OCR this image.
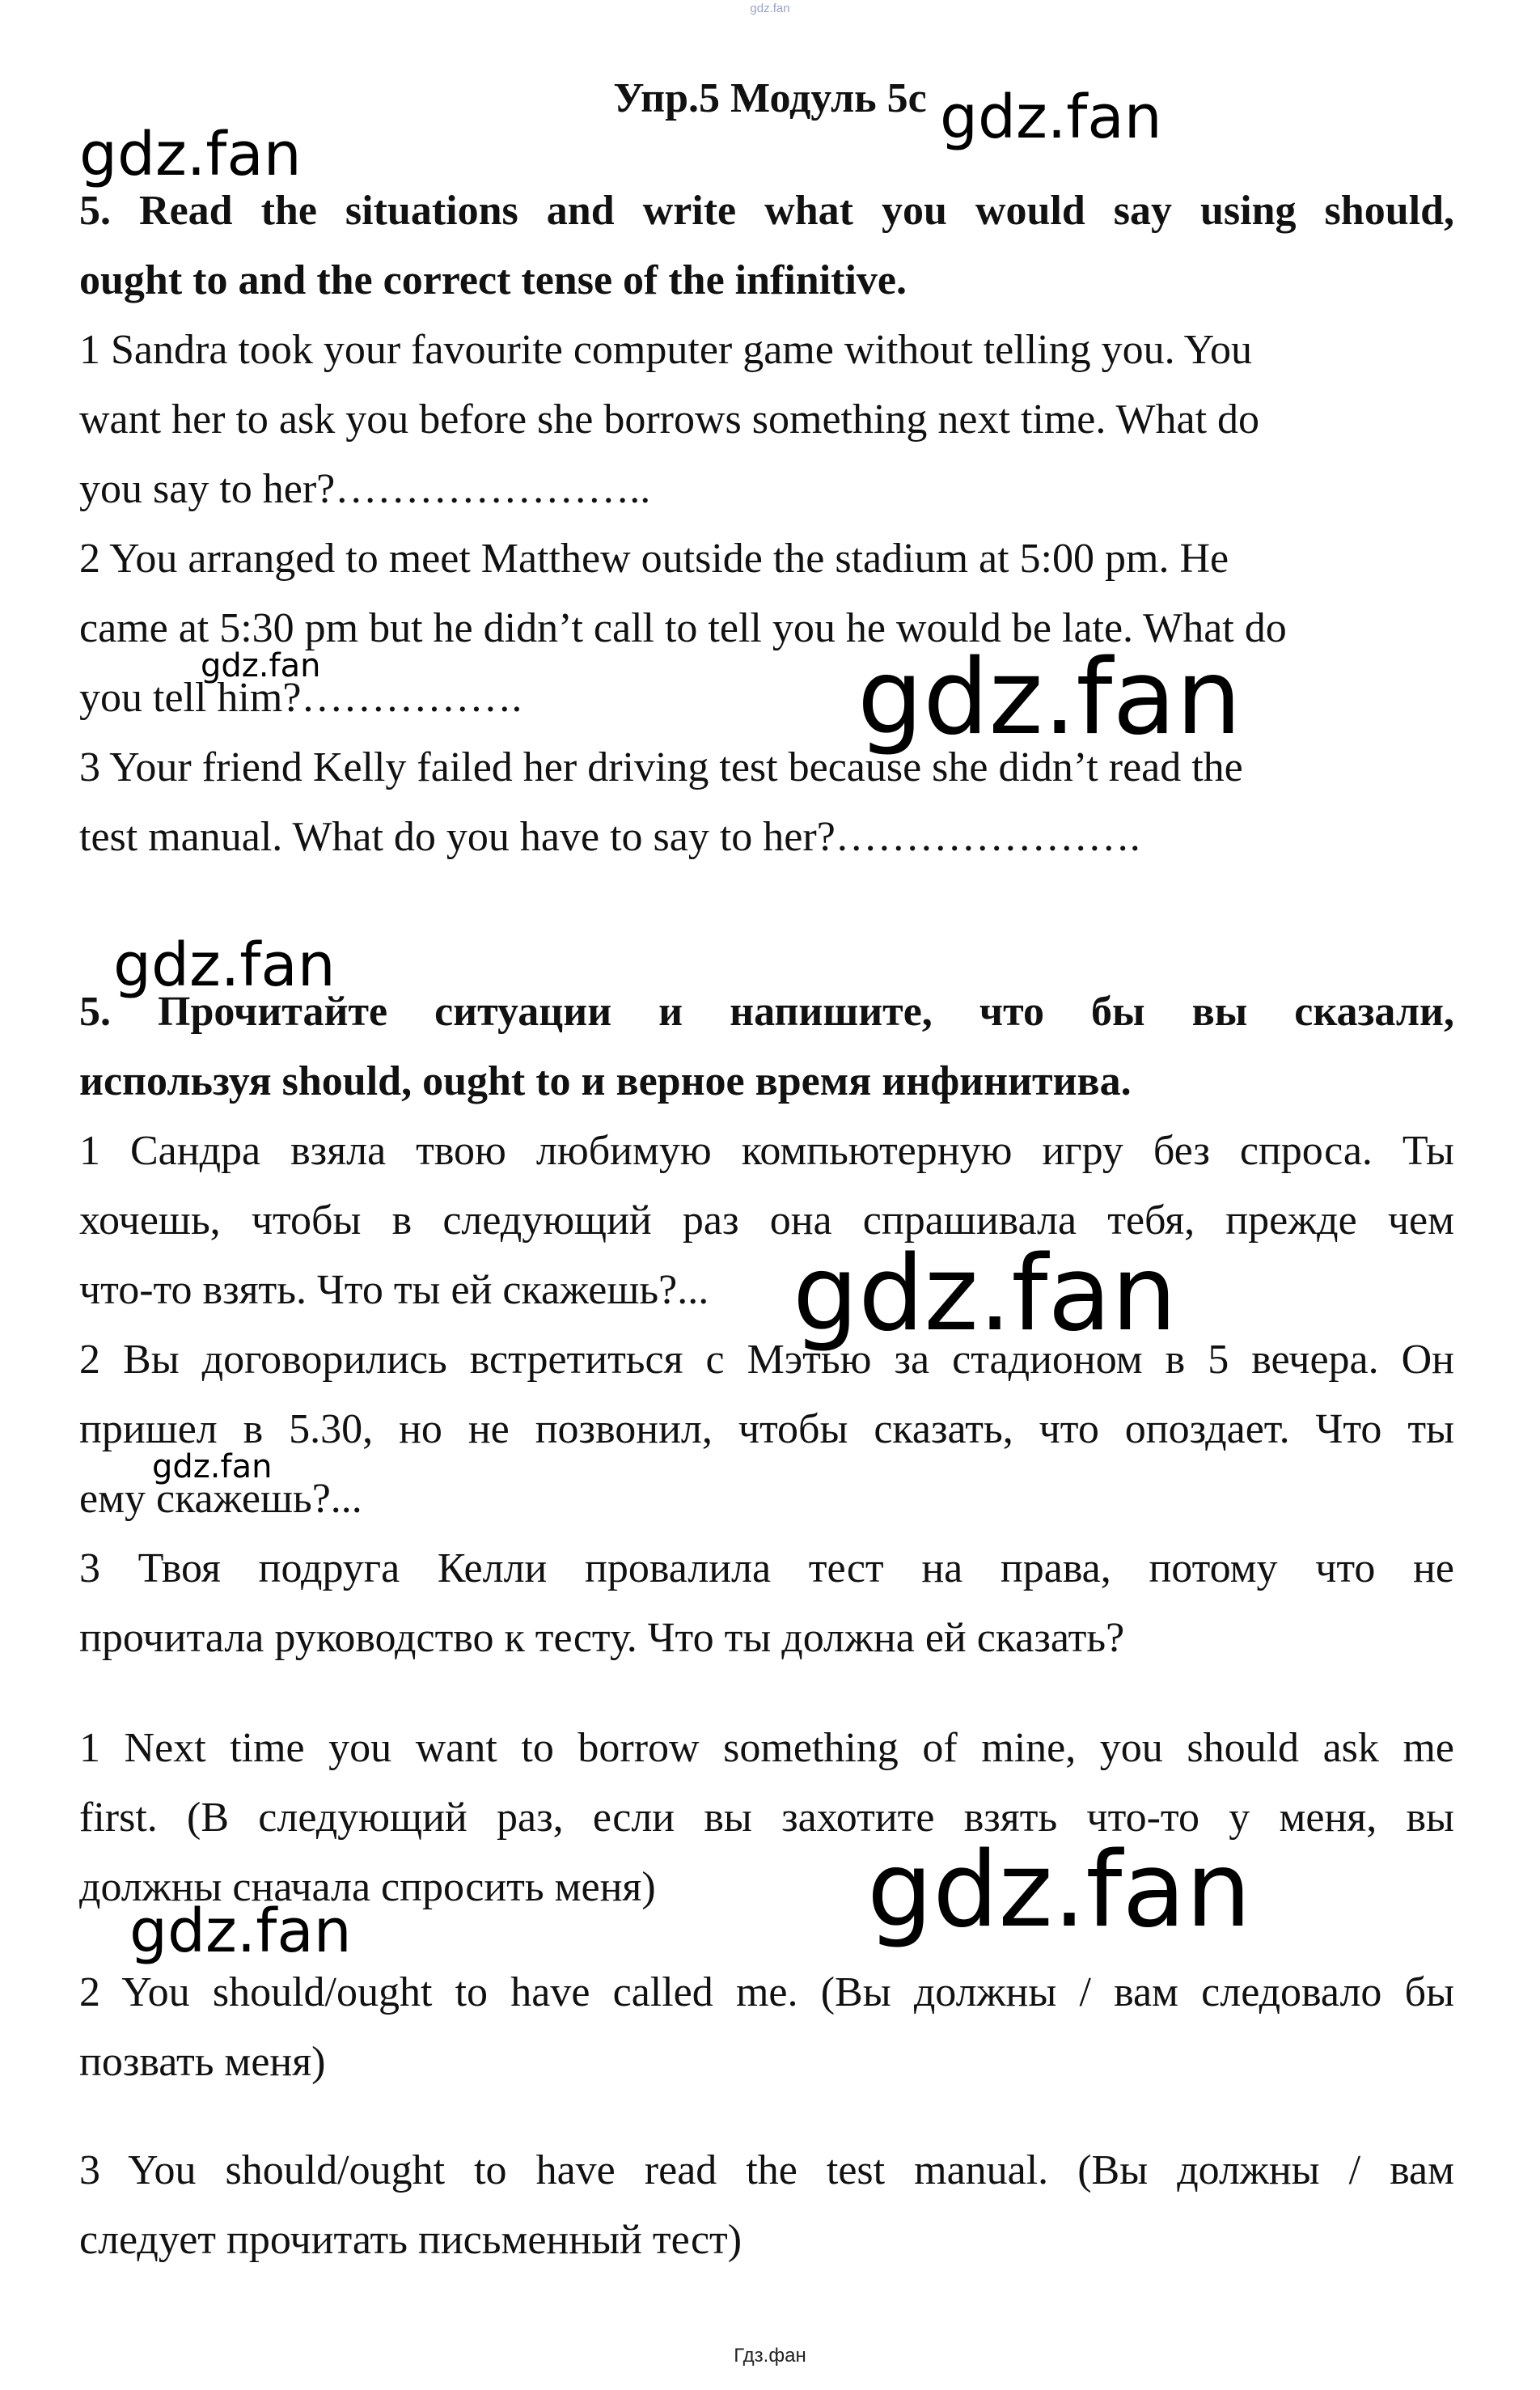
gdz.fan
Упр.5 Модуль 5с
5. Read the situations and write what you would say using should,
ought to and the correct tense of the infinitive.
1 Sandra took your favourite computer game without telling you. You
want her to ask you before she borrows something next time. What do
you say to her?…………………..
2 You arranged to meet Matthew outside the stadium at 5:00 pm. He
came at 5:30 pm but he didn’t call to tell you he would be late. What do
you tell him?…………….
3 Your friend Kelly failed her driving test because she didn’t read the
test manual. What do you have to say to her?………………….
5. Прочитайте ситуации и напишите, что бы вы сказали,
используя should, ought to и верное время инфинитива.
1 Сандра взяла твою любимую компьютерную игру без спроса. Ты
хочешь, чтобы в следующий раз она спрашивала тебя, прежде чем
что-то взять. Что ты ей скажешь?...
2 Вы договорились встретиться с Мэтью за стадионом в 5 вечера. Он
пришел в 5.30, но не позвонил, чтобы сказать, что опоздает. Что ты
ему скажешь?...
3 Твоя подруга Келли провалила тест на права, потому что не
прочитала руководство к тесту. Что ты должна ей сказать?
1 Next time you want to borrow something of mine, you should ask me
first. (В следующий раз, если вы захотите взять что-то у меня, вы
должны сначала спросить меня)
2 You should/ought to have called me. (Вы должны / вам следовало бы
позвать меня)
3 You should/ought to have read the test manual. (Вы должны / вам
следует прочитать письменный тест)
gdz.fan
gdz.fan
gdz.fan	gdz.fan
gdz.fan
gdz.fan
gdz.fan
gdz.fan
gdz.fan
Гдз.фан
